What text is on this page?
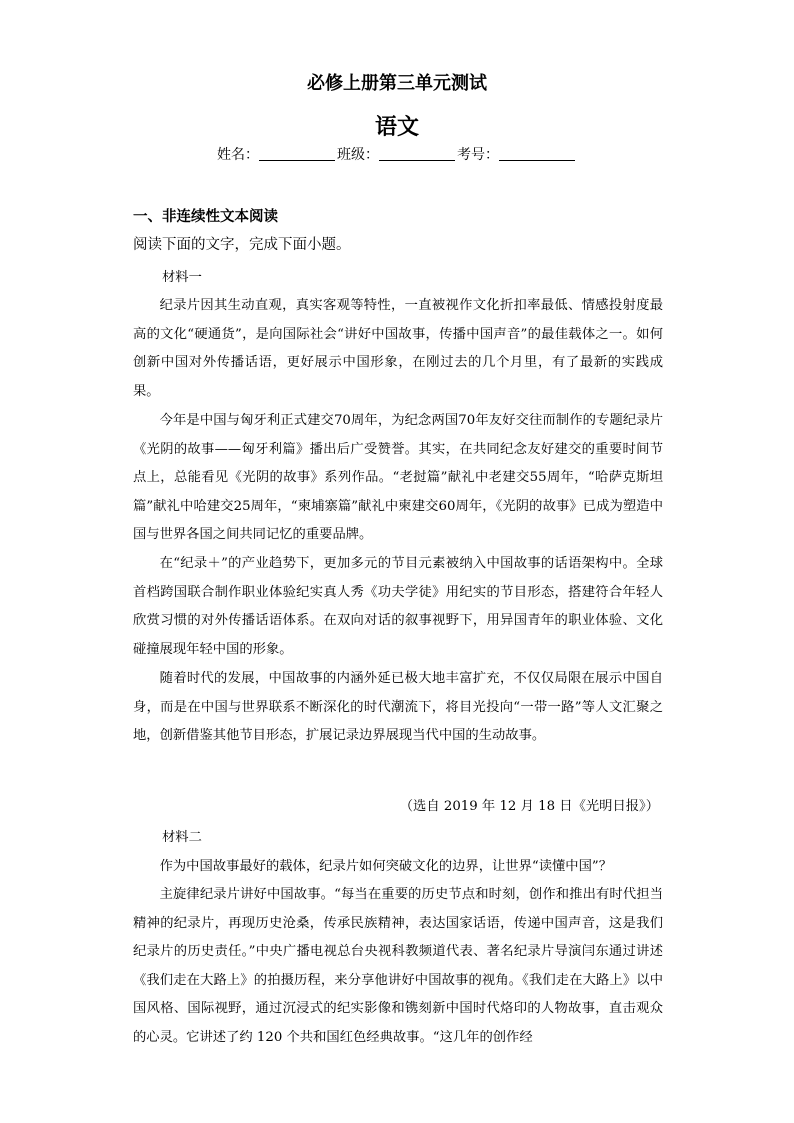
必修上册第三单元测试
语文
姓名：	班级：	考号：
一、非连续性文本阅读
阅读下面的文字，完成下面小题。
材料一

纪录片因其生动直观，真实客观等特性，一直被视作文化折扣率最低、情感投射度最高的文化“硬通货”，是向国际社会“讲好中国故事，传播中国声音”的最佳载体之一。如何创新中国对外传播话语，更好展示中国形象，在刚过去的几个月里，有了最新的实践成果。

今年是中国与匈牙利正式建交70周年，为纪念两国70年友好交往而制作的专题纪录片《光阴的故事——匈牙利篇》播出后广受赞誉。其实，在共同纪念友好建交的重要时间节点上，总能看见《光阴的故事》系列作品。“老挝篇”献礼中老建交55周年，“哈萨克斯坦篇”献礼中哈建交25周年，“柬埔寨篇”献礼中柬建交60周年，《光阴的故事》已成为塑造中国与世界各国之间共同记忆的重要品牌。

在“纪录＋”的产业趋势下，更加多元的节目元素被纳入中国故事的话语架构中。全球首档跨国联合制作职业体验纪实真人秀《功夫学徒》用纪实的节目形态，搭建符合年轻人欣赏习惯的对外传播话语体系。在双向对话的叙事视野下，用异国青年的职业体验、文化碰撞展现年轻中国的形象。

随着时代的发展，中国故事的内涵外延已极大地丰富扩充，不仅仅局限在展示中国自身，而是在中国与世界联系不断深化的时代潮流下，将目光投向“一带一路”等人文汇聚之地，创新借鉴其他节目形态，扩展记录边界展现当代中国的生动故事。

（选自 2019 年 12 月 18 日《光明日报》）
材料二

作为中国故事最好的载体，纪录片如何突破文化的边界，让世界“读懂中国”？

主旋律纪录片讲好中国故事。“每当在重要的历史节点和时刻，创作和推出有时代担当精神的纪录片，再现历史沧桑，传承民族精神，表达国家话语，传递中国声音，这是我们纪录片的历史责任。”中央广播电视总台央视科教频道代表、著名纪录片导演闫东通过讲述《我们走在大路上》的拍摄历程，来分享他讲好中国故事的视角。《我们走在大路上》以中国风格、国际视野，通过沉浸式的纪实影像和镌刻新中国时代烙印的人物故事，直击观众的心灵。它讲述了约 120 个共和国红色经典故事。“这几年的创作经
